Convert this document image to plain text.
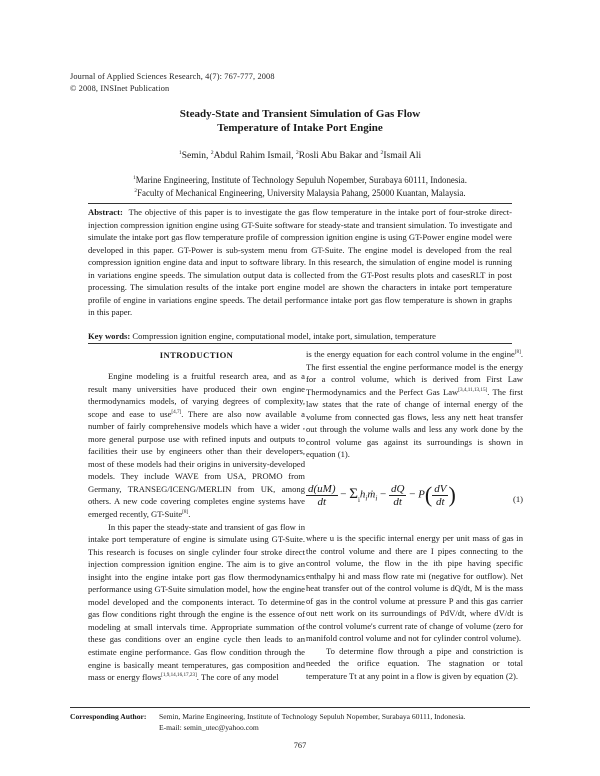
Journal of Applied Sciences Research, 4(7): 767-777, 2008
© 2008, INSInet Publication
Steady-State and Transient Simulation of Gas Flow
Temperature of Intake Port Engine
$^1$Semin, $^2$Abdul Rahim Ismail, $^2$Rosli Abu Bakar and $^2$Ismail Ali
$^1$Marine Engineering, Institute of Technology Sepuluh Nopember, Surabaya 60111, Indonesia.
$^2$Faculty of Mechanical Engineering, University Malaysia Pahang, 25000 Kuantan, Malaysia.
Abstract: The objective of this paper is to investigate the gas flow temperature in the intake port of four-stroke direct-injection compression ignition engine using GT-Suite software for steady-state and transient simulation. To investigate and simulate the intake port gas flow temperature profile of compression ignition engine is using GT-Power engine model were developed in this paper. GT-Power is sub-system menu from GT-Suite. The engine model is developed from the real compression ignition engine data and input to software library. In this research, the simulation of engine model is running in variations engine speeds. The simulation output data is collected from the GT-Post results plots and casesRLT in post processing. The simulation results of the intake port engine model are shown the characters in intake port temperature profile of engine in variations engine speeds. The detail performance intake port gas flow temperature is shown in graphs in this paper.
Key words: Compression ignition engine, computational model, intake port, simulation, temperature
INTRODUCTION

Engine modeling is a fruitful research area, and as a result many universities have produced their own engine thermodynamics models, of varying degrees of complexity, scope and ease to use[4,7]. There are also now available a number of fairly comprehensive models which have a wider , more general purpose use with refined inputs and outputs to facilities their use by engineers other than their developers, most of these models had their origins in university-developed models. They include WAVE from USA, PROMO from Germany, TRANSEG/ICENG/MERLIN from UK, among others. A new code covering completes engine systems have emerged recently, GT-Suite[8].

In this paper the steady-state and transient of gas flow in intake port temperature of engine is simulate using GT-Suite. This research is focuses on single cylinder four stroke direct injection compression ignition engine. The aim is to give an insight into the engine intake port gas flow thermodynamics performance using GT-Suite simulation model, how the engine model developed and the components interact. To determine gas flow conditions right through the engine is the essence of modeling at small intervals time. Appropriate summation of these gas conditions over an engine cycle then leads to an estimate engine performance. Gas flow condition through the engine is basically meant temperatures, gas composition and mass or energy flows[1,9,14,16,17,23]. The core of any model

is the energy equation for each control volume in the engine[8]. The first essential the engine performance model is the energy for a control volume, which is derived from First Law Thermodynamics and the Perfect Gas Law[3,4,11,13,15]. The first law states that the rate of change of internal energy of the volume from connected gas flows, less any nett heat transfer out through the volume walls and less any work done by the control volume gas against its surroundings is shown in equation (1).

$\frac{d(uM)}{dt}$ − $\Sigma_ih_iṁ_i - \frac{dQ}{dt} - P( \frac{dV}{dt}$ )	(1)

where u is the specific internal energy per unit mass of gas in the control volume and there are I pipes connecting to the control volume, the flow in the ith pipe having specific enthalpy hi and mass flow rate mi (negative for outflow). Net heat transfer out of the control volume is dQ/dt, M is the mass of gas in the control volume at pressure P and this gas carrier out nett work on its surroundings of PdV/dt, where dV/dt is the control volume's current rate of change of volume (zero for manifold control volume and not for cylinder control volume).

To determine flow through a pipe and constriction is needed the orifice equation. The stagnation or total temperature Tt at any point in a flow is given by equation (2).

Corresponding Author: Semin, Marine Engineering, Institute of Technology Sepuluh Nopember, Surabaya 60111, Indonesia.
E-mail: semin_utec@yahoo.com
767
